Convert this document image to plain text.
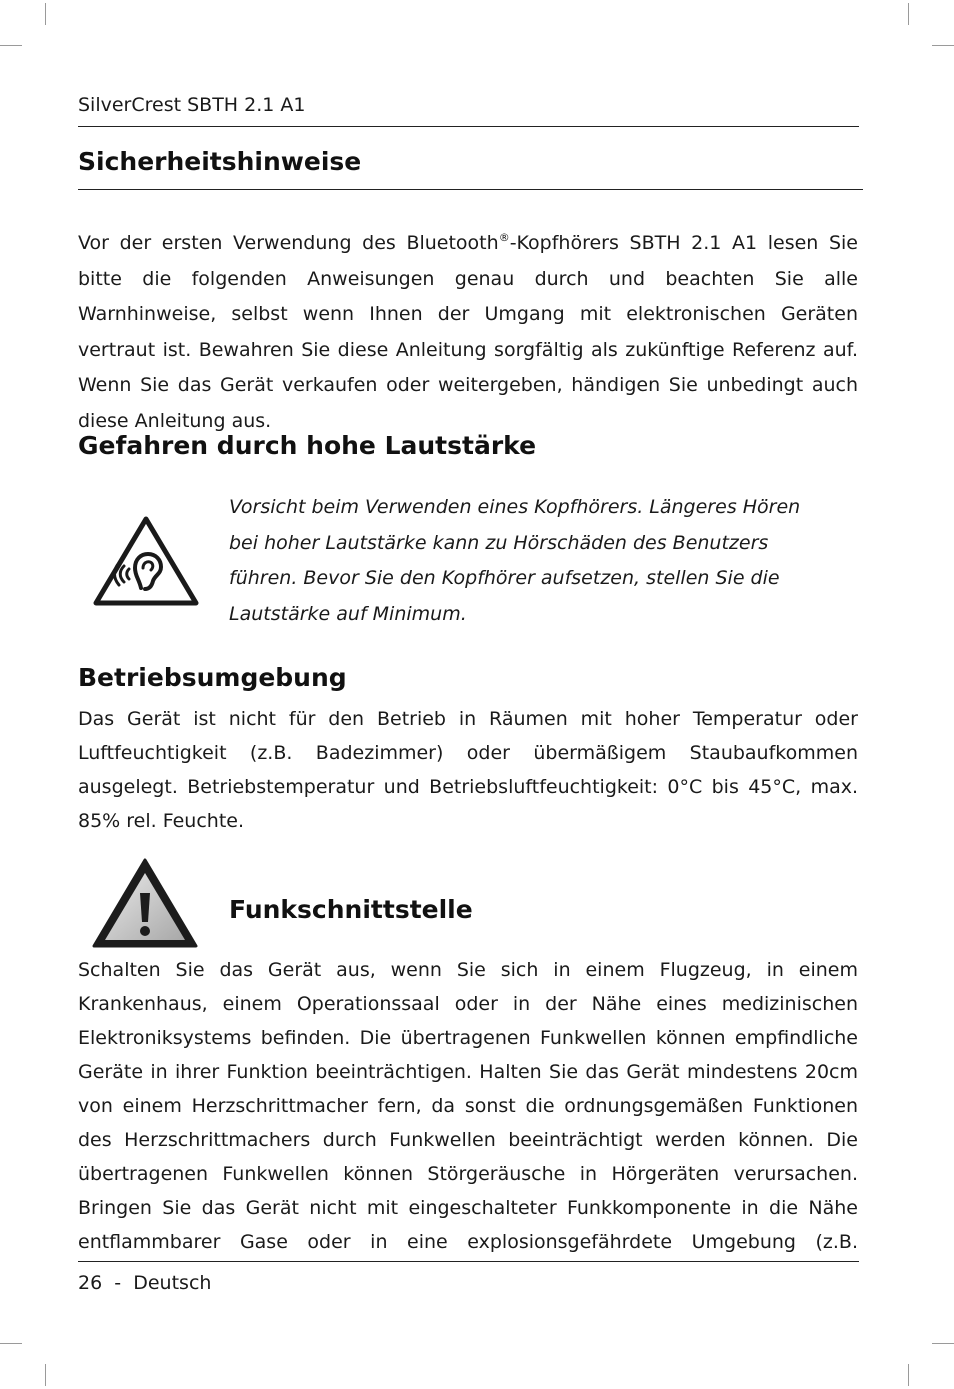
SilverCrest SBTH 2.1 A1
Sicherheitshinweise
Vor der ersten Verwendung des Bluetooth®-Kopfhörers SBTH 2.1 A1 lesen Sie bitte die folgenden Anweisungen genau durch und beachten Sie alle Warnhinweise, selbst wenn Ihnen der Umgang mit elektronischen Geräten vertraut ist. Bewahren Sie diese Anleitung sorgfältig als zukünftige Referenz auf. Wenn Sie das Gerät verkaufen oder weitergeben, händigen Sie unbedingt auch diese Anleitung aus.
Gefahren durch hohe Lautstärke
Vorsicht beim Verwenden eines Kopfhörers. Längeres Hören
bei hoher Lautstärke kann zu Hörschäden des Benutzers
führen. Bevor Sie den Kopfhörer aufsetzen, stellen Sie die
Lautstärke auf Minimum.
Betriebsumgebung
Das Gerät ist nicht für den Betrieb in Räumen mit hoher Temperatur oder Luftfeuchtigkeit (z.B. Badezimmer) oder übermäßigem Staubaufkommen ausgelegt. Betriebstemperatur und Betriebsluftfeuchtigkeit: 0°C bis 45°C, max. 85% rel. Feuchte.
Funkschnittstelle
Schalten Sie das Gerät aus, wenn Sie sich in einem Flugzeug, in einem Krankenhaus, einem Operationssaal oder in der Nähe eines medizinischen Elektroniksystems befinden. Die übertragenen Funkwellen können empfindliche Geräte in ihrer Funktion beeinträchtigen. Halten Sie das Gerät mindestens 20cm von einem Herzschrittmacher fern, da sonst die ordnungsgemäßen Funktionen des Herzschrittmachers durch Funkwellen beeinträchtigt werden können. Die übertragenen Funkwellen können Störgeräusche in Hörgeräten verursachen. Bringen Sie das Gerät nicht mit eingeschalteter Funkkomponente in die Nähe entflammbarer Gase oder in eine explosionsgefährdete Umgebung (z.B.
26 - Deutsch
